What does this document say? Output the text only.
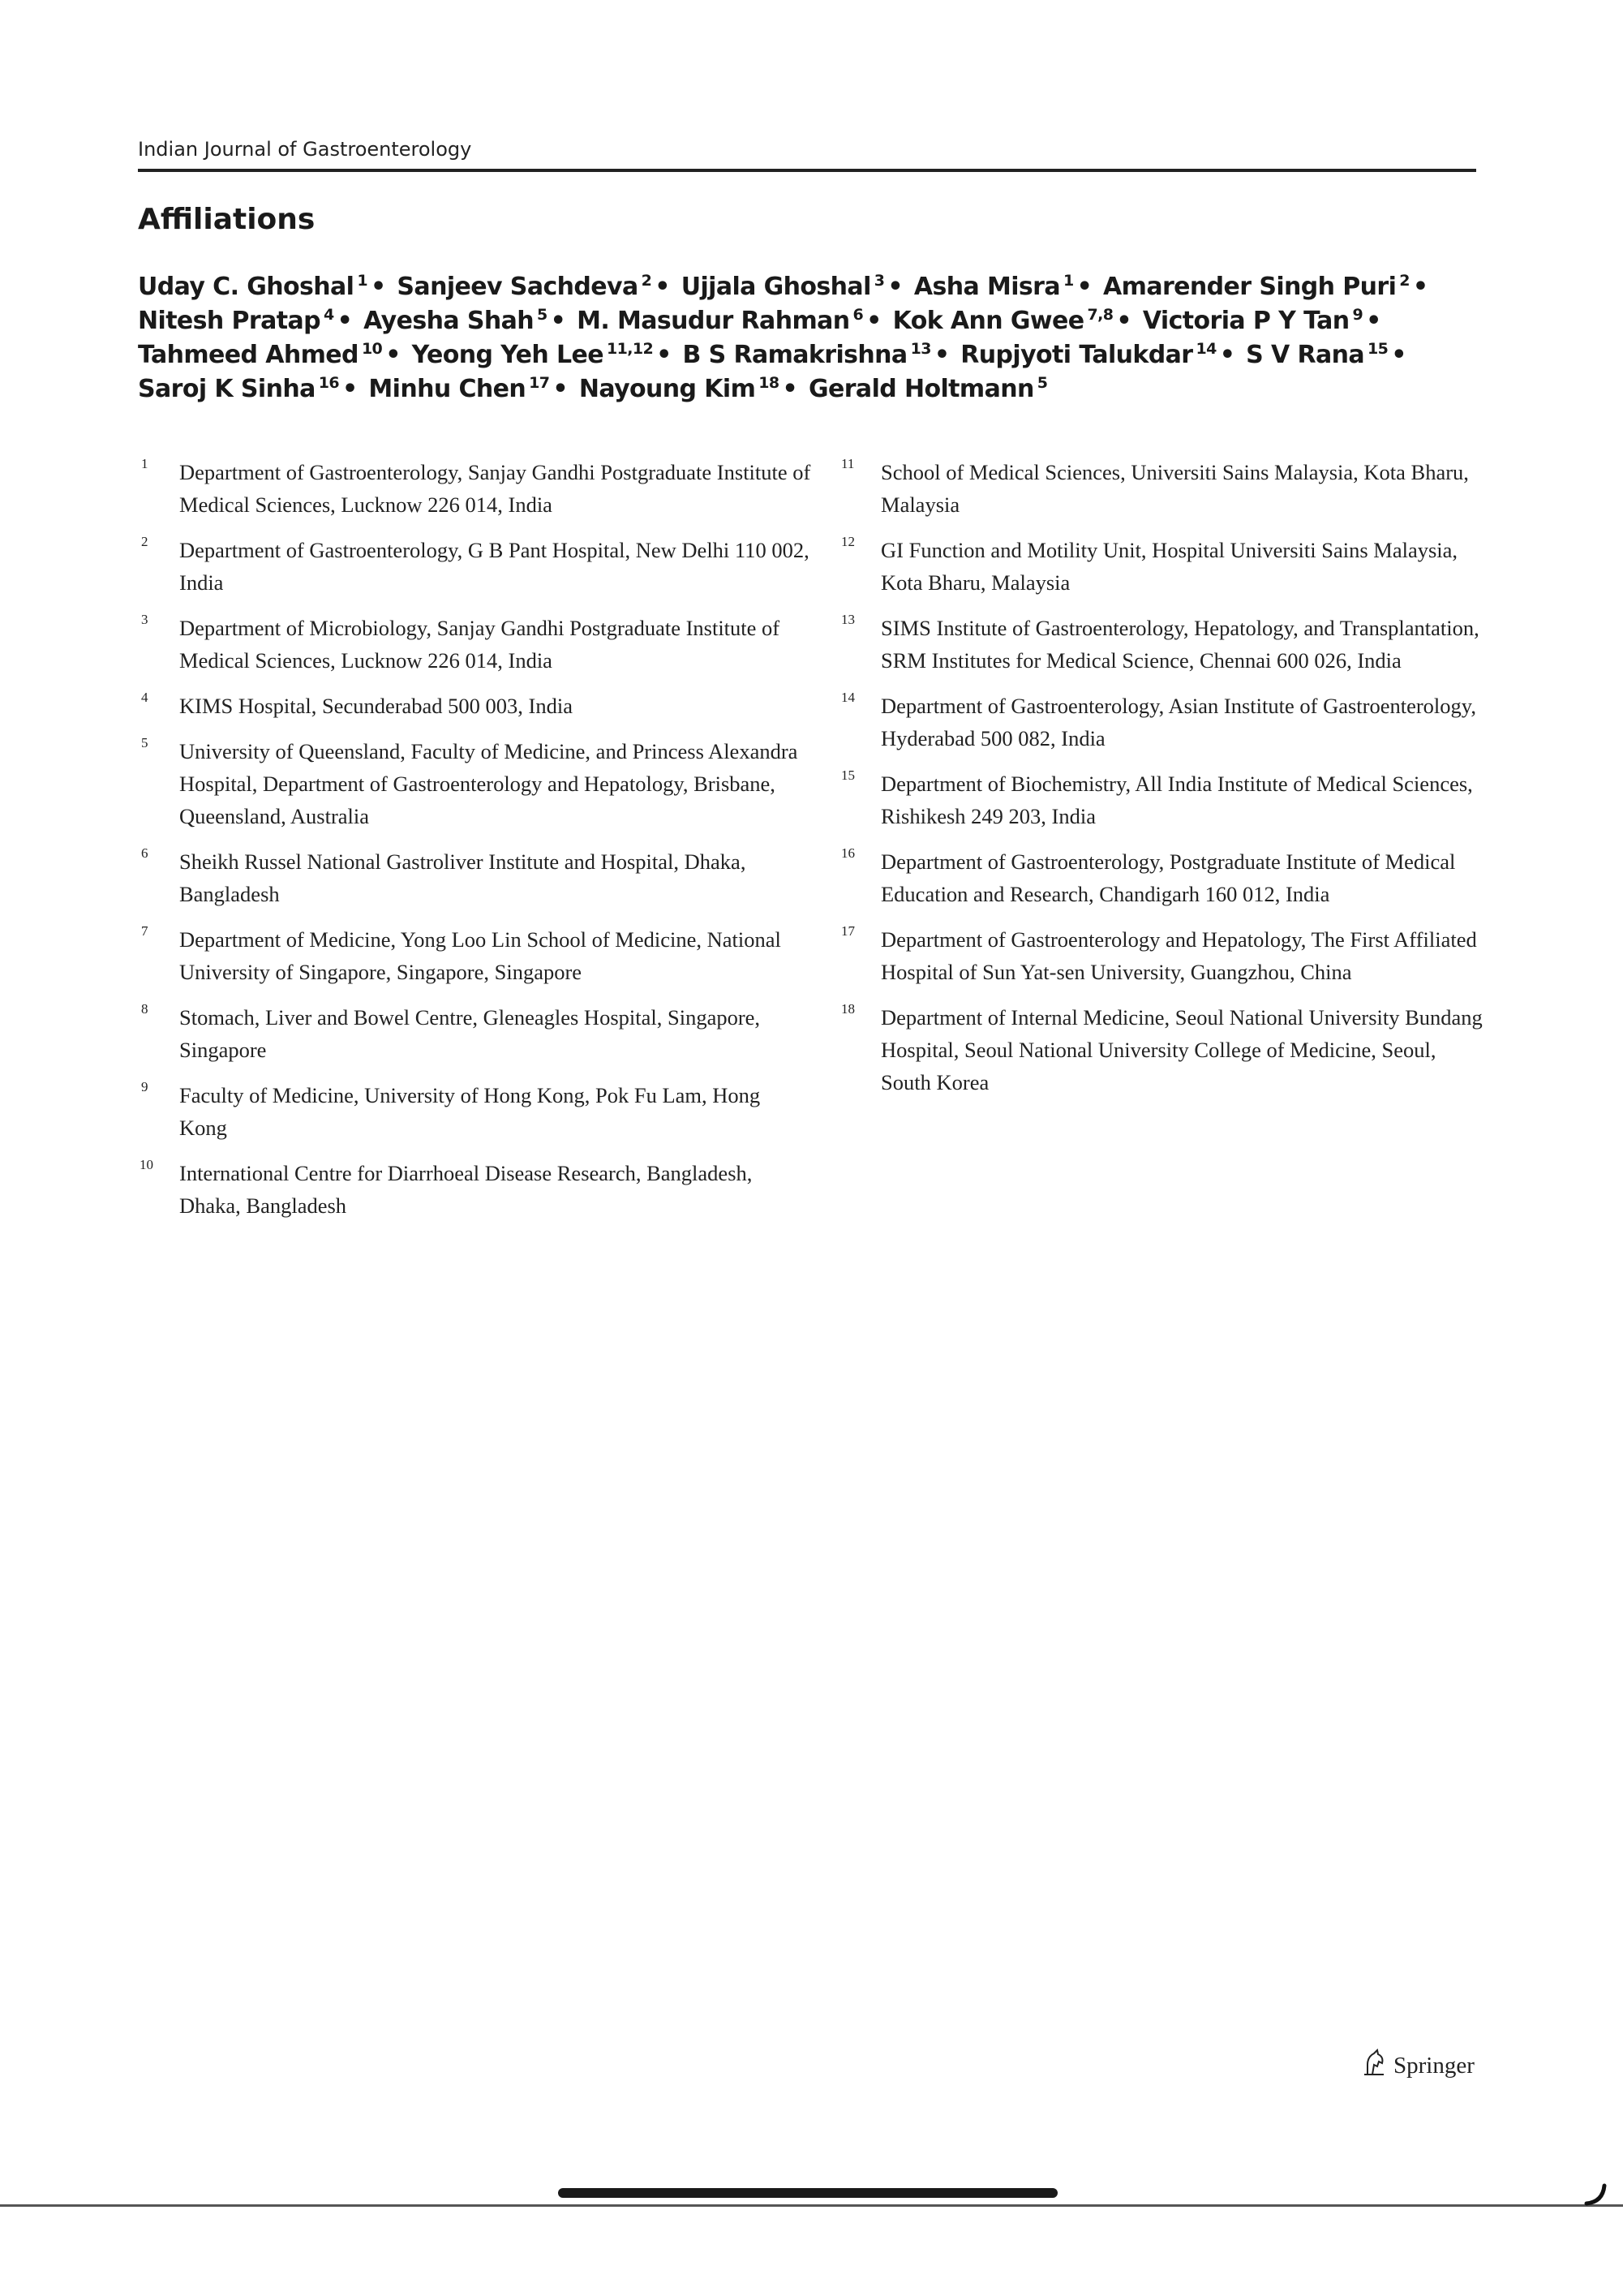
Indian Journal of Gastroenterology
Affiliations
Uday C. Ghoshal $^1$ • Sanjeev Sachdeva $^2$ • Ujjala Ghoshal $^3$ • Asha Misra $^1$ • Amarender Singh Puri $^2$ • Nitesh Pratap $^4$ • Ayesha Shah $^5$ • M. Masudur Rahman $^6$ • Kok Ann Gwee $^{7,8}$ • Victoria P Y Tan $^9$ • Tahmeed Ahmed $^{10}$ • Yeong Yeh Lee $^{11,12}$ • B S Ramakrishna $^{13}$ • Rupjyoti Talukdar $^{14}$ • S V Rana $^{15}$ • Saroj K Sinha $^{16}$ • Minhu Chen $^{17}$ • Nayoung Kim $^{18}$ • Gerald Holtmann $^5$
1 Department of Gastroenterology, Sanjay Gandhi Postgraduate Institute of Medical Sciences, Lucknow 226 014, India
2 Department of Gastroenterology, G B Pant Hospital, New Delhi 110 002, India
3 Department of Microbiology, Sanjay Gandhi Postgraduate Institute of Medical Sciences, Lucknow 226 014, India
4 KIMS Hospital, Secunderabad 500 003, India
5 University of Queensland, Faculty of Medicine, and Princess Alexandra Hospital, Department of Gastroenterology and Hepatology, Brisbane, Queensland, Australia
6 Sheikh Russel National Gastroliver Institute and Hospital, Dhaka, Bangladesh
7 Department of Medicine, Yong Loo Lin School of Medicine, National University of Singapore, Singapore, Singapore
8 Stomach, Liver and Bowel Centre, Gleneagles Hospital, Singapore, Singapore
9 Faculty of Medicine, University of Hong Kong, Pok Fu Lam, Hong Kong
10 International Centre for Diarrhoeal Disease Research, Bangladesh, Dhaka, Bangladesh
11 School of Medical Sciences, Universiti Sains Malaysia, Kota Bharu, Malaysia
12 GI Function and Motility Unit, Hospital Universiti Sains Malaysia, Kota Bharu, Malaysia
13 SIMS Institute of Gastroenterology, Hepatology, and Transplantation, SRM Institutes for Medical Science, Chennai 600 026, India
14 Department of Gastroenterology, Asian Institute of Gastroenterology, Hyderabad 500 082, India
15 Department of Biochemistry, All India Institute of Medical Sciences, Rishikesh 249 203, India
16 Department of Gastroenterology, Postgraduate Institute of Medical Education and Research, Chandigarh 160 012, India
17 Department of Gastroenterology and Hepatology, The First Affiliated Hospital of Sun Yat-sen University, Guangzhou, China
18 Department of Internal Medicine, Seoul National University Bundang Hospital, Seoul National University College of Medicine, Seoul, South Korea
Springer
